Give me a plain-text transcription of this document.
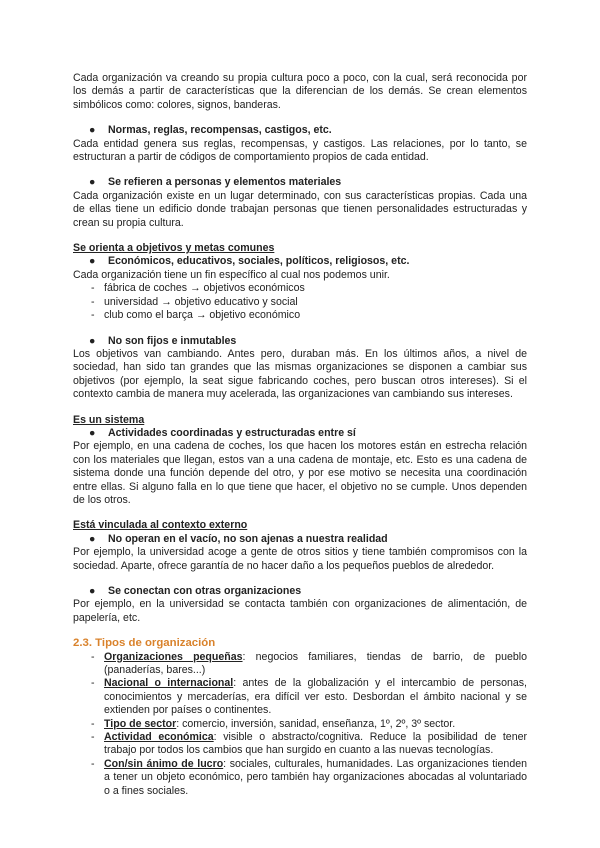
Cada organización va creando su propia cultura poco a poco, con la cual, será reconocida por los demás a partir de características que la diferencian de los demás. Se crean elementos simbólicos como: colores, signos, banderas.

●	Normas, reglas, recompensas, castigos, etc.

Cada entidad genera sus reglas, recompensas, y castigos. Las relaciones, por lo tanto, se estructuran a partir de códigos de comportamiento propios de cada entidad.

●	Se refieren a personas y elementos materiales

Cada organización existe en un lugar determinado, con sus características propias. Cada una de ellas tiene un edificio donde trabajan personas que tienen personalidades estructuradas y crean su propia cultura.

Se orienta a objetivos y metas comunes

●	Económicos, educativos, sociales, políticos, religiosos, etc.

Cada organización tiene un fin específico al cual nos podemos unir.

- fábrica de coches → objetivos económicos
- universidad → objetivo educativo y social
- club como el barça → objetivo económico
●	No son fijos e inmutables

Los objetivos van cambiando. Antes pero, duraban más. En los últimos años, a nivel de sociedad, han sido tan grandes que las mismas organizaciones se disponen a cambiar sus objetivos (por ejemplo, la seat sigue fabricando coches, pero buscan otros intereses). Si el contexto cambia de manera muy acelerada, las organizaciones van cambiando sus intereses.

Es un sistema

●	Actividades coordinadas y estructuradas entre sí

Por ejemplo, en una cadena de coches, los que hacen los motores están en estrecha relación con los materiales que llegan, estos van a una cadena de montaje, etc. Esto es una cadena de sistema donde una función depende del otro, y por ese motivo se necesita una coordinación entre ellas. Si alguno falla en lo que tiene que hacer, el objetivo no se cumple. Unos dependen de los otros.

Está vinculada al contexto externo

●	No operan en el vacío, no son ajenas a nuestra realidad

Por ejemplo, la universidad acoge a gente de otros sitios y tiene también compromisos con la sociedad. Aparte, ofrece garantía de no hacer daño a los pequeños pueblos de alrededor.

●	Se conectan con otras organizaciones

Por ejemplo, en la universidad se contacta también con organizaciones de alimentación, de papelería, etc.

2.3. Tipos de organización

- Organizaciones pequeñas: negocios familiares, tiendas de barrio, de pueblo (panaderías, bares...)
- Nacional o internacional: antes de la globalización y el intercambio de personas, conocimientos y mercaderías, era difícil ver esto. Desbordan el ámbito nacional y se extienden por países o continentes.
- Tipo de sector: comercio, inversión, sanidad, enseñanza, 1º, 2º, 3º sector.
- Actividad económica: visible o abstracto/cognitiva. Reduce la posibilidad de tener trabajo por todos los cambios que han surgido en cuanto a las nuevas tecnologías.
- Con/sin ánimo de lucro: sociales, culturales, humanidades. Las organizaciones tienden a tener un objeto económico, pero también hay organizaciones abocadas al voluntariado o a fines sociales.
